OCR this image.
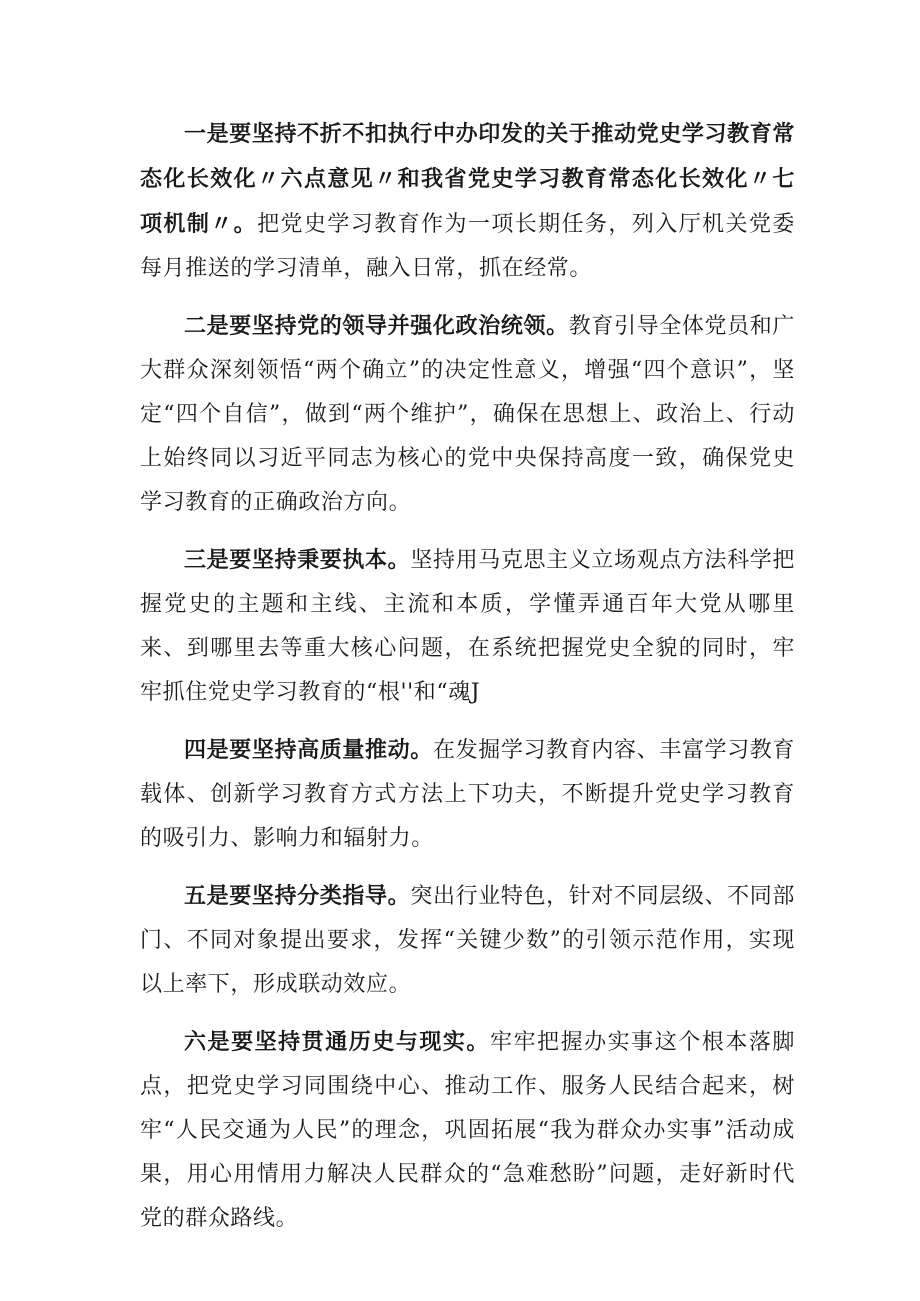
一是要坚持不折不扣执行中办印发的关于推动党史学习教育常态化长效化〃六点意见〃和我省党史学习教育常态化长效化〃七项机制〃。把党史学习教育作为一项长期任务，列入厅机关党委每月推送的学习清单，融入日常，抓在经常。

二是要坚持党的领导并强化政治统领。教育引导全体党员和广大群众深刻领悟“两个确立”的决定性意义，增强“四个意识”，坚定“四个自信”，做到“两个维护”，确保在思想上、政治上、行动上始终同以习近平同志为核心的党中央保持高度一致，确保党史学习教育的正确政治方向。

三是要坚持秉要执本。坚持用马克思主义立场观点方法科学把握党史的主题和主线、主流和本质，学懂弄通百年大党从哪里来、到哪里去等重大核心问题，在系统把握党史全貌的同时，牢牢抓住党史学习教育的“根''和“魂J

四是要坚持高质量推动。在发掘学习教育内容、丰富学习教育载体、创新学习教育方式方法上下功夫，不断提升党史学习教育的吸引力、影响力和辐射力。

五是要坚持分类指导。突出行业特色，针对不同层级、不同部门、不同对象提出要求，发挥“关键少数”的引领示范作用，实现以上率下，形成联动效应。

六是要坚持贯通历史与现实。牢牢把握办实事这个根本落脚点，把党史学习同围绕中心、推动工作、服务人民结合起来，树牢“人民交通为人民”的理念，巩固拓展“我为群众办实事”活动成果，用心用情用力解决人民群众的“急难愁盼”问题，走好新时代党的群众路线。
